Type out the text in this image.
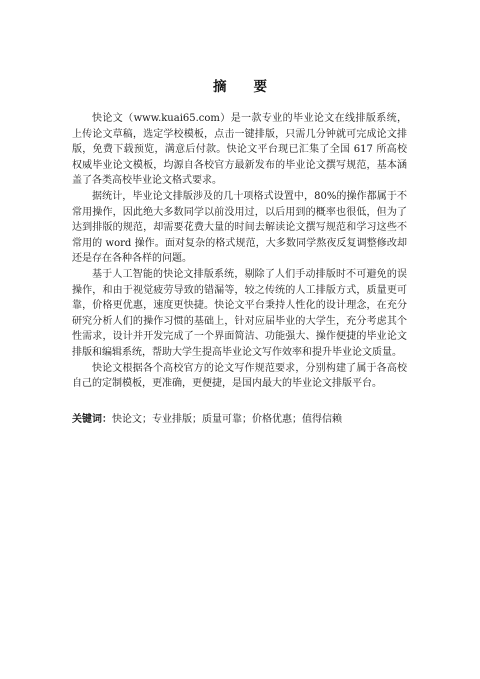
摘要

快论文（www.kuai65.com）是一款专业的毕业论文在线排版系统，上传论文草稿，选定学校模板，点击一键排版，只需几分钟就可完成论文排版，免费下载预览，满意后付款。快论文平台现已汇集了全国 617 所高校权威毕业论文模板，均源自各校官方最新发布的毕业论文撰写规范，基本涵盖了各类高校毕业论文格式要求。

据统计，毕业论文排版涉及的几十项格式设置中，80%的操作都属于不常用操作，因此绝大多数同学以前没用过，以后用到的概率也很低，但为了达到排版的规范，却需要花费大量的时间去解读论文撰写规范和学习这些不常用的 word 操作。面对复杂的格式规范，大多数同学熬夜反复调整修改却还是存在各种各样的问题。

基于人工智能的快论文排版系统，剔除了人们手动排版时不可避免的误操作，和由于视觉疲劳导致的错漏等，较之传统的人工排版方式，质量更可靠，价格更优惠，速度更快捷。快论文平台秉持人性化的设计理念，在充分研究分析人们的操作习惯的基础上，针对应届毕业的大学生，充分考虑其个性需求，设计并开发完成了一个界面简洁、功能强大、操作便捷的毕业论文排版和编辑系统，帮助大学生提高毕业论文写作效率和提升毕业论文质量。

快论文根据各个高校官方的论文写作规范要求，分别构建了属于各高校自己的定制模板，更准确，更便捷，是国内最大的毕业论文排版平台。

关键词：快论文；专业排版；质量可靠；价格优惠；值得信赖
